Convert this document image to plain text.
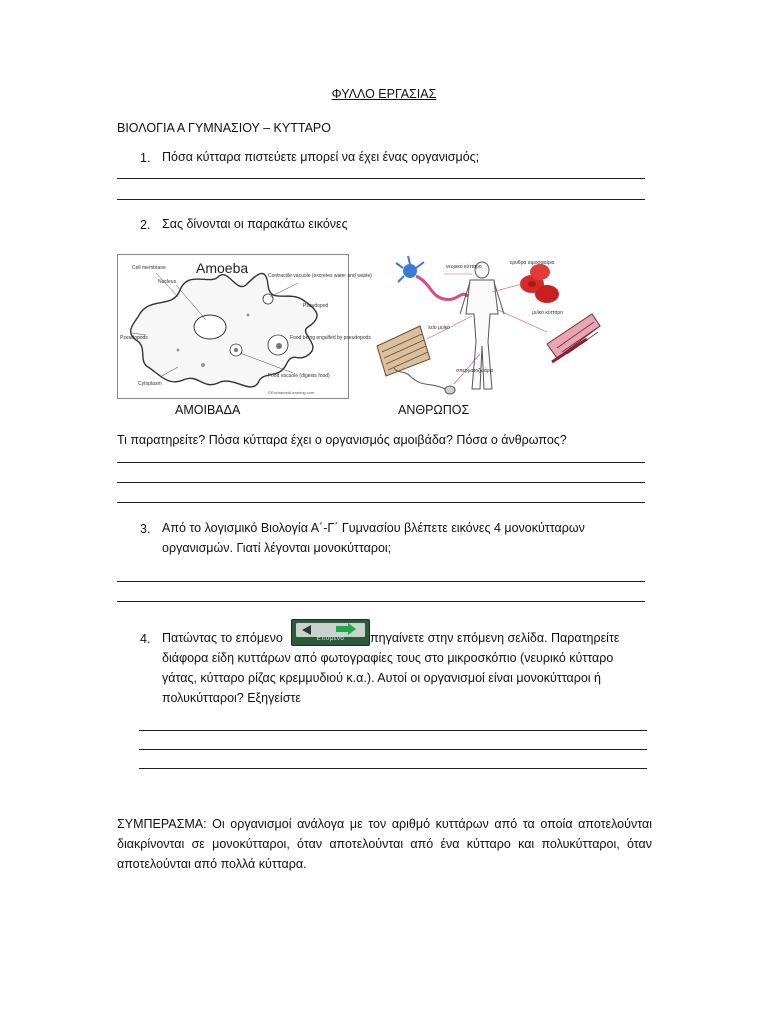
ΦΥΛΛΟ ΕΡΓΑΣΙΑΣ
ΒΙΟΛΟΓΙΑ Α ΓΥΜΝΑΣΙΟΥ – ΚΥΤΤΑΡΟ
1. Πόσα κύτταρα πιστεύετε μπορεί να έχει ένας οργανισμός;
2. Σας δίνονται οι παρακάτω εικόνες
Amoeba
Cell membrane
Nucleus
Contractile vacuole (excretes water and waste)
Pseudopod
Pseudopods	Food being engulfed by pseudopods
Cytoplasm
Food vacuole (digests food)
©EnchantedLearning.com
ΑΜΟΙΒΑΔΑ
νευρικό κύτταρο
ερυθρά αιμοσφαίρια
μυϊκό κύτταρο
λείο μυϊκό
σπερματοζωάριο
ΑΝΘΡΩΠΟΣ
Τι παρατηρείτε? Πόσα κύτταρα έχει ο οργανισμός αμοιβάδα? Πόσα ο άνθρωπος?
3. Από το λογισμικό Βιολογία Α΄-Γ΄ Γυμνασίου βλέπετε εικόνες 4 μονοκύτταρων
οργανισμών. Γιατί λέγονται μονοκύτταροι;
4. Πατώντας το επόμενο	Επόμενο	πηγαίνετε στην επόμενη σελίδα. Παρατηρείτε
διάφορα είδη κυττάρων από φωτογραφίες τους στο μικροσκόπιο (νευρικό κύτταρο
γάτας, κύτταρο ρίζας κρεμμυδιού κ.α.). Αυτοί οι οργανισμοί είναι μονοκύτταροι ή
πολυκύτταροι? Εξηγείστε
ΣΥΜΠΕΡΑΣΜΑ: Οι οργανισμοί ανάλογα με τον αριθμό κυττάρων από τα οποία αποτελούνται διακρίνονται σε μονοκύτταροι, όταν αποτελούνται από ένα κύτταρο και πολυκύτταροι, όταν αποτελούνται από πολλά κύτταρα.
